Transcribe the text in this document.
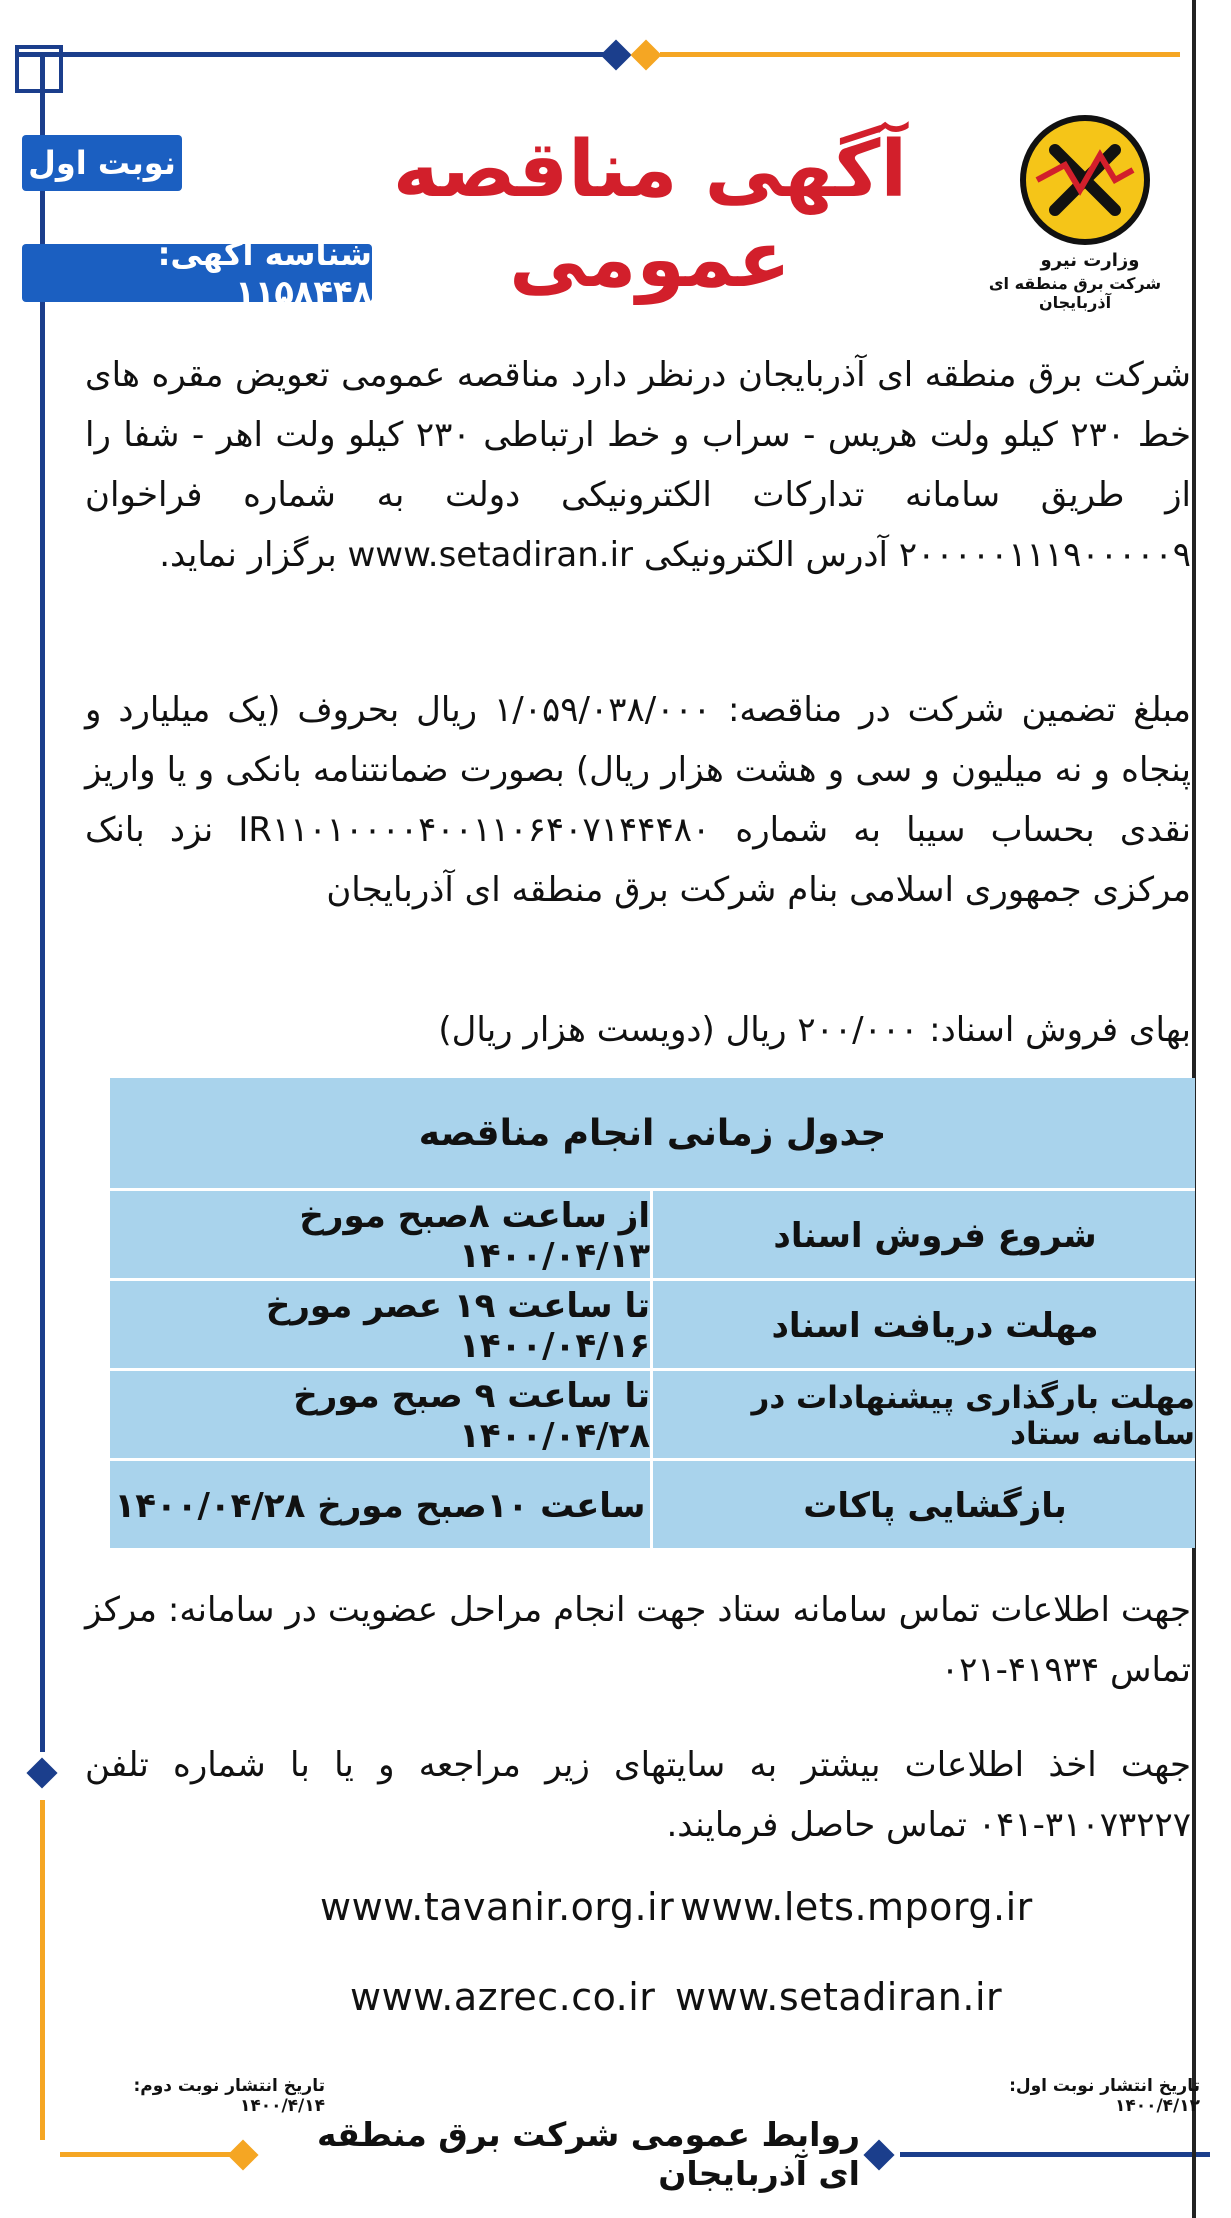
نوبت اول	آگهی مناقصه عمومی
شناسه آگهی: ۱۱۵۸۴۴۸
وزارت نیرو
شرکت برق منطقه ای آذربایجان
شرکت برق منطقه ای آذربایجان درنظر دارد مناقصه عمومی تعویض مقره های خط ۲۳۰ کیلو ولت هریس - سراب و خط ارتباطی ۲۳۰ کیلو ولت اهر - شفا را از طریق سامانه تدارکات الکترونیکی دولت به شماره فراخوان ۲۰۰۰۰۰۱۱۱۹۰۰۰۰۰۹ آدرس الکترونیکی www.setadiran.ir برگزار نماید.
مبلغ تضمین شرکت در مناقصه: ۱/۰۵۹/۰۳۸/۰۰۰ ریال بحروف (یک میلیارد و پنجاه و نه میلیون و سی و هشت هزار ریال) بصورت ضمانتنامه بانکی و یا واریز نقدی بحساب سیبا به شماره IR۱۱۰۱۰۰۰۰۴۰۰۱۱۰۶۴۰۷۱۴۴۴۸۰ نزد بانک مرکزی جمهوری اسلامی بنام شرکت برق منطقه ای آذربایجان
بهای فروش اسناد: ۲۰۰/۰۰۰ ریال (دویست هزار ریال)
جدول زمانی انجام مناقصه
شروع فروش اسناد
از ساعت ۸صبح مورخ ۱۴۰۰/۰۴/۱۳
مهلت دریافت اسناد
تا ساعت ۱۹ عصر مورخ ۱۴۰۰/۰۴/۱۶
مهلت بارگذاری پیشنهادات در سامانه ستاد
تا ساعت ۹ صبح مورخ ۱۴۰۰/۰۴/۲۸
بازگشایی پاکات
ساعت ۱۰صبح مورخ ۱۴۰۰/۰۴/۲۸
جهت اطلاعات تماس سامانه ستاد جهت انجام مراحل عضویت در سامانه: مرکز تماس ۴۱۹۳۴-۰۲۱
جهت اخذ اطلاعات بیشتر به سایتهای زیر مراجعه و یا با شماره تلفن ۳۱۰۷۳۲۲۷-۰۴۱ تماس حاصل فرمایند.
www.tavanir.org.ir www.lets.mporg.ir
www.azrec.co.ir www.setadiran.ir
تاریخ انتشار نوبت اول: ۱۴۰۰/۴/۱۲
تاریخ انتشار نوبت دوم: ۱۴۰۰/۴/۱۴
روابط عمومی شرکت برق منطقه ای آذربایجان
